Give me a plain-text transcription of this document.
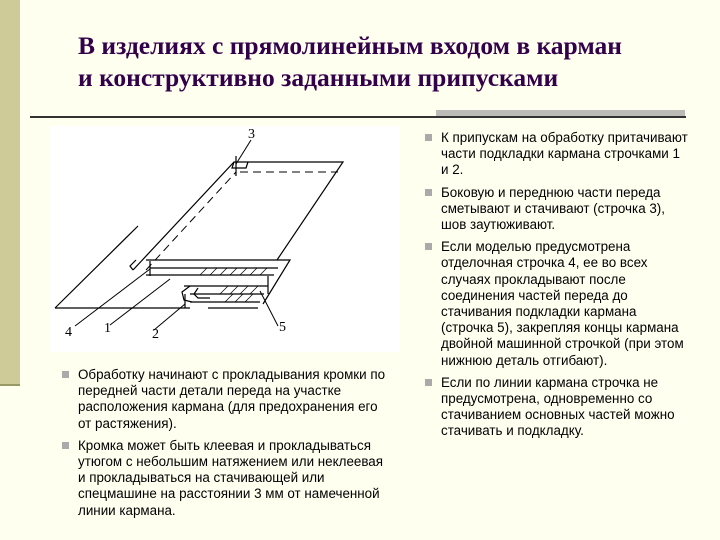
В изделиях с прямолинейным входом в карман
и конструктивно заданными припусками
3
4 1	2	5
К припускам на обработку притачивают части подкладки кармана строчками 1 и 2.
Боковую и переднюю части переда сметывают и стачивают (строчка 3), шов заутюживают.
Если моделью предусмотрена отделочная строчка 4, ее во всех случаях прокладывают после соединения частей переда до стачивания подкладки кармана (строчка 5), закрепляя концы кармана двойной машинной строчкой (при этом нижнюю деталь отгибают).
Если по линии кармана строчка не предусмотрена, одновременно со стачиванием основных частей можно стачивать и подкладку.
Обработку начинают с прокладывания кромки по передней части детали переда на участке расположения кармана (для предохранения его от растяжения).
Кромка может быть клеевая и прокладываться утюгом с небольшим натяжением или неклеевая и прокладываться на стачивающей или спецмашине на расстоянии 3 мм от намеченной линии кармана.
